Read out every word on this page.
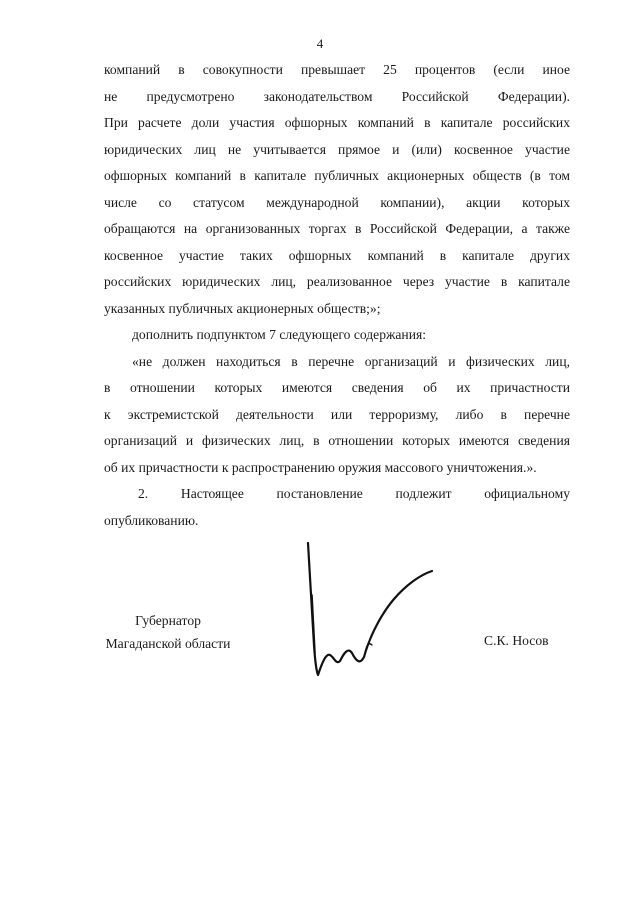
4
компаний в совокупности превышает 25 процентов (если иное
не предусмотрено законодательством Российской Федерации).
При расчете доли участия офшорных компаний в капитале российских
юридических лиц не учитывается прямое и (или) косвенное участие
офшорных компаний в капитале публичных акционерных обществ (в том
числе со статусом международной компании), акции которых
обращаются на организованных торгах в Российской Федерации, а также
косвенное участие таких офшорных компаний в капитале других
российских юридических лиц, реализованное через участие в капитале
указанных публичных акционерных обществ;»;
дополнить подпунктом 7 следующего содержания:
«не должен находиться в перечне организаций и физических лиц,
в отношении которых имеются сведения об их причастности
к экстремистской деятельности или терроризму, либо в перечне
организаций и физических лиц, в отношении которых имеются сведения
об их причастности к распространению оружия массового уничтожения.».
2. Настоящее постановление подлежит официальному
опубликованию.
Губернатор
Магаданской области	С.К. Носов
